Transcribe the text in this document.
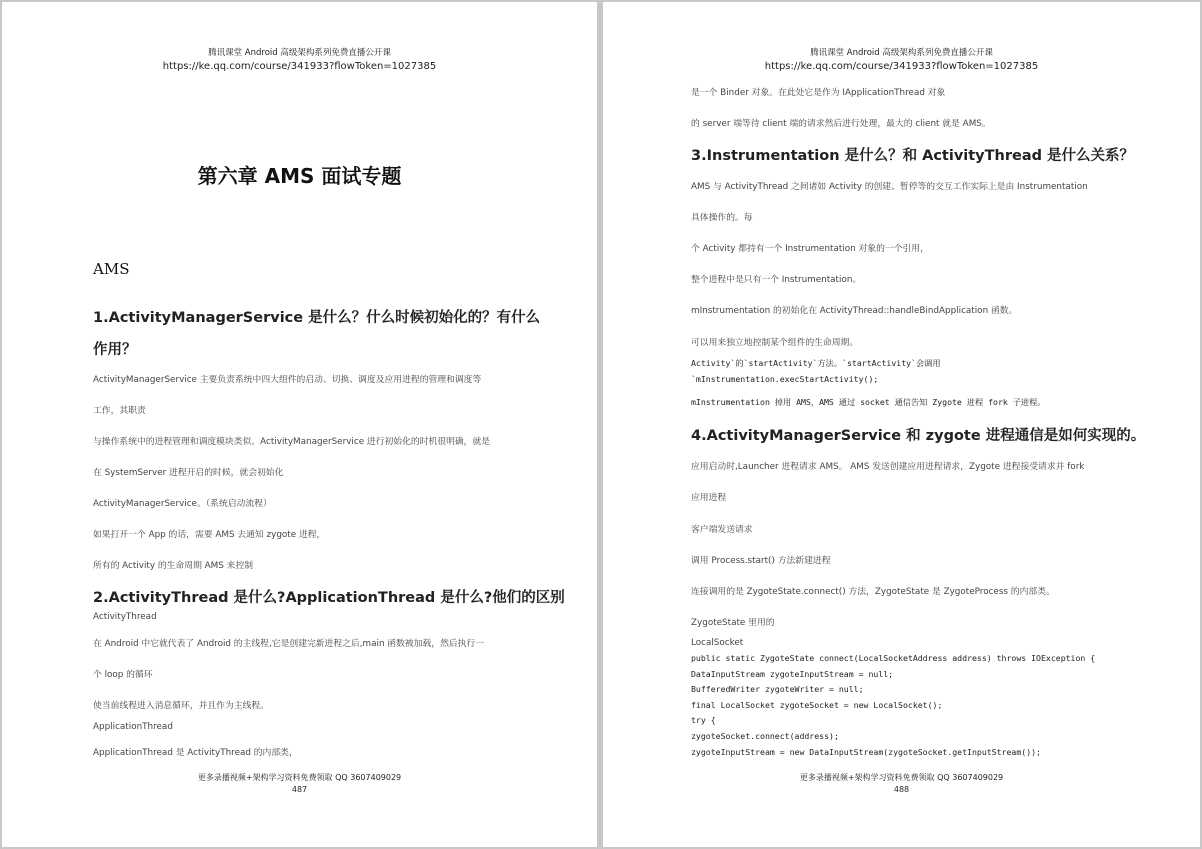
腾讯课堂 Android 高级架构系列免费直播公开课
https://ke.qq.com/course/341933?flowToken=1027385
第六章 AMS 面试专题
AMS
1.ActivityManagerService 是什么？什么时候初始化的？有什么
作用？
ActivityManagerService 主要负责系统中四大组件的启动、切换、调度及应用进程的管理和调度等
工作，其职责
与操作系统中的进程管理和调度模块类似。ActivityManagerService 进行初始化的时机很明确，就是
在 SystemServer 进程开启的时候，就会初始化
ActivityManagerService。（系统启动流程）
如果打开一个 App 的话，需要 AMS 去通知 zygote 进程，
所有的 Activity 的生命周期 AMS 来控制
2.ActivityThread 是什么?ApplicationThread 是什么?他们的区别
ActivityThread
在 Android 中它就代表了 Android 的主线程,它是创建完新进程之后,main 函数被加载，然后执行一
个 loop 的循环
使当前线程进入消息循环，并且作为主线程。
ApplicationThread
ApplicationThread 是 ActivityThread 的内部类，
更多录播视频+架构学习资料免费领取 QQ 3607409029
487
腾讯课堂 Android 高级架构系列免费直播公开课
https://ke.qq.com/course/341933?flowToken=1027385
是一个 Binder 对象。在此处它是作为 IApplicationThread 对象
的 server 端等待 client 端的请求然后进行处理，最大的 client 就是 AMS。
3.Instrumentation 是什么？和 ActivityThread 是什么关系？
AMS 与 ActivityThread 之间诸如 Activity 的创建、暂停等的交互工作实际上是由 Instrumentation
具体操作的。每
个 Activity 都持有一个 Instrumentation 对象的一个引用，
整个进程中是只有一个 Instrumentation。
mInstrumentation 的初始化在 ActivityThread::handleBindApplication 函数。
可以用来独立地控制某个组件的生命周期。
Activity`的`startActivity`方法。`startActivity`会调用
`mInstrumentation.execStartActivity();
mInstrumentation 掉用 AMS，AMS 通过 socket 通信告知 Zygote 进程 fork 子进程。
4.ActivityManagerService 和 zygote 进程通信是如何实现的。
应用启动时,Launcher 进程请求 AMS。 AMS 发送创建应用进程请求，Zygote 进程接受请求并 fork
应用进程
客户端发送请求
调用 Process.start() 方法新建进程
连接调用的是 ZygoteState.connect() 方法，ZygoteState 是 ZygoteProcess 的内部类。
ZygoteState 里用的
LocalSocket
public static ZygoteState connect(LocalSocketAddress address) throws IOException {
DataInputStream zygoteInputStream = null;
BufferedWriter zygoteWriter = null;
final LocalSocket zygoteSocket = new LocalSocket();
try {
zygoteSocket.connect(address);
zygoteInputStream = new DataInputStream(zygoteSocket.getInputStream());
更多录播视频+架构学习资料免费领取 QQ 3607409029
488
